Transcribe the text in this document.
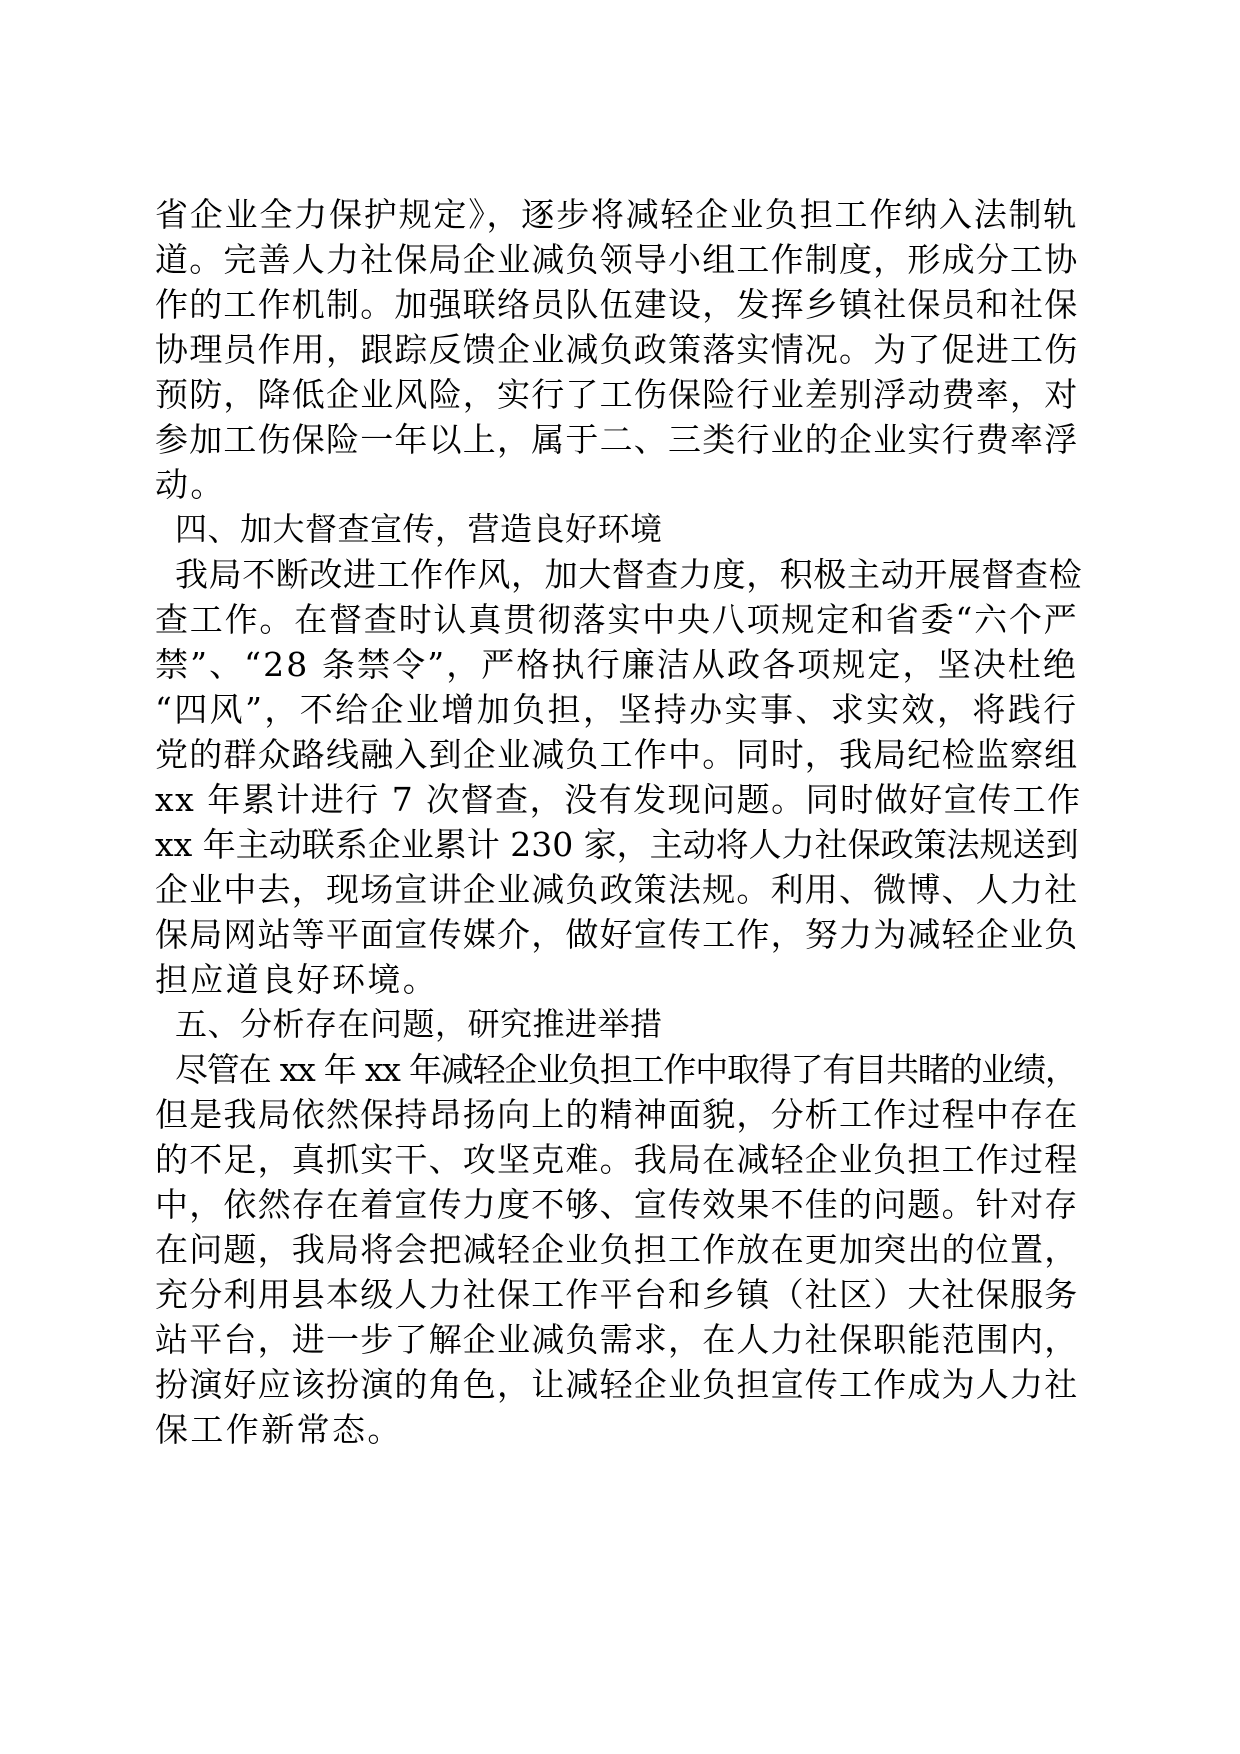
省企业全力保护规定》，逐步将减轻企业负担工作纳入法制轨
道。完善人力社保局企业减负领导小组工作制度，形成分工协
作的工作机制。加强联络员队伍建设，发挥乡镇社保员和社保
协理员作用，跟踪反馈企业减负政策落实情况。为了促进工伤
预防，降低企业风险，实行了工伤保险行业差别浮动费率，对
参加工伤保险一年以上，属于二、三类行业的企业实行费率浮
动。
四、加大督查宣传，营造良好环境
我局不断改进工作作风，加大督查力度，积极主动开展督查检
查工作。在督查时认真贯彻落实中央八项规定和省委“六个严
禁”、“28 条禁令”，严格执行廉洁从政各项规定，坚决杜绝
“四风”，不给企业增加负担，坚持办实事、求实效，将践行
党的群众路线融入到企业减负工作中。同时，我局纪检监察组
xx 年累计进行 7 次督查，没有发现问题。同时做好宣传工作
xx 年主动联系企业累计 230 家，主动将人力社保政策法规送到
企业中去，现场宣讲企业减负政策法规。利用、微博、人力社
保局网站等平面宣传媒介，做好宣传工作，努力为减轻企业负
担应道良好环境。
五、分析存在问题，研究推进举措
尽管在 xx 年 xx 年减轻企业负担工作中取得了有目共睹的业绩，
但是我局依然保持昂扬向上的精神面貌，分析工作过程中存在
的不足，真抓实干、攻坚克难。我局在减轻企业负担工作过程
中，依然存在着宣传力度不够、宣传效果不佳的问题。针对存
在问题，我局将会把减轻企业负担工作放在更加突出的位置，
充分利用县本级人力社保工作平台和乡镇（社区）大社保服务
站平台，进一步了解企业减负需求，在人力社保职能范围内，
扮演好应该扮演的角色，让减轻企业负担宣传工作成为人力社
保工作新常态。
